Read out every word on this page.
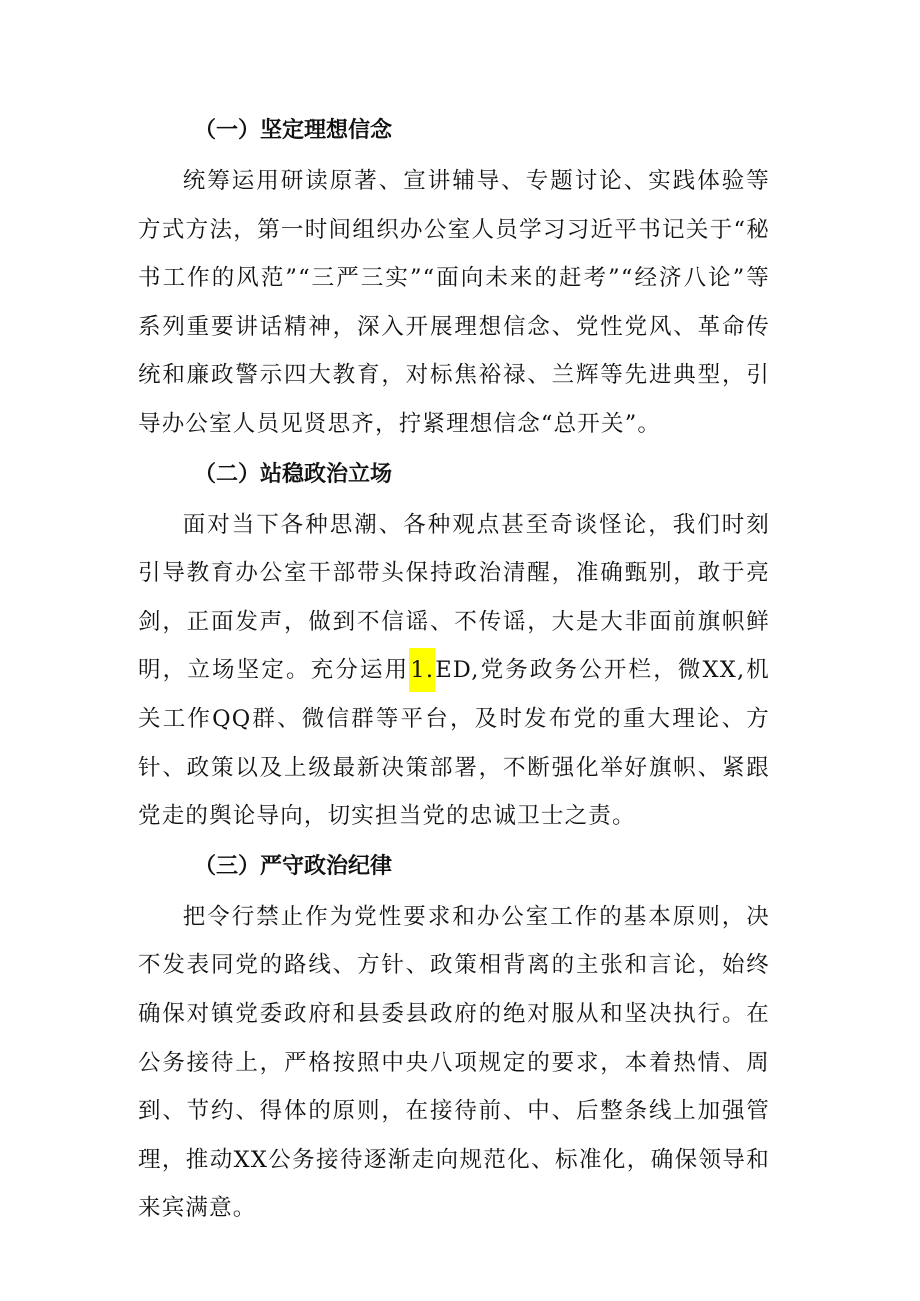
（一）坚定理想信念
统筹运用研读原著、宣讲辅导、专题讨论、实践体验等方式方法，第一时间组织办公室人员学习习近平书记关于“秘书工作的风范”“三严三实”“面向未来的赶考”“经济八论”等系列重要讲话精神，深入开展理想信念、党性党风、革命传统和廉政警示四大教育，对标焦裕禄、兰辉等先进典型，引导办公室人员见贤思齐，拧紧理想信念“总开关”。
（二）站稳政治立场
面对当下各种思潮、各种观点甚至奇谈怪论，我们时刻引导教育办公室干部带头保持政治清醒，准确甄别，敢于亮剑，正面发声，做到不信谣、不传谣，大是大非面前旗帜鲜明，立场坚定。充分运用1.ED,党务政务公开栏，微XX,机关工作QQ群、微信群等平台，及时发布党的重大理论、方针、政策以及上级最新决策部署，不断强化举好旗帜、紧跟党走的舆论导向，切实担当党的忠诚卫士之责。
（三）严守政治纪律
把令行禁止作为党性要求和办公室工作的基本原则，决不发表同党的路线、方针、政策相背离的主张和言论，始终确保对镇党委政府和县委县政府的绝对服从和坚决执行。在公务接待上，严格按照中央八项规定的要求，本着热情、周到、节约、得体的原则，在接待前、中、后整条线上加强管理，推动XX公务接待逐渐走向规范化、标准化，确保领导和来宾满意。
